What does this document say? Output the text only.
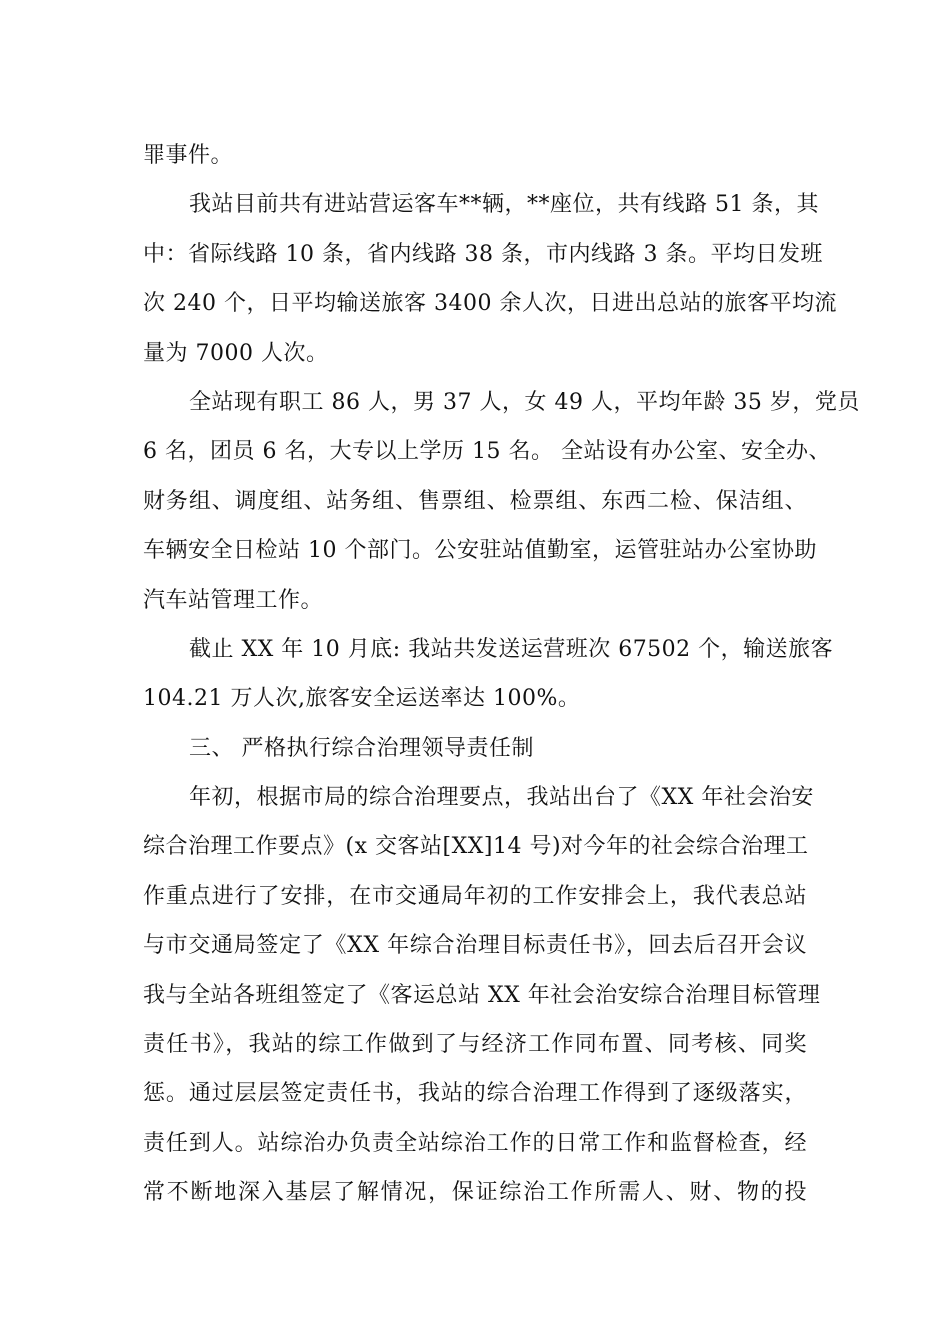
罪事件。
我站目前共有进站营运客车**辆，**座位，共有线路 51 条，其
中：省际线路 10 条，省内线路 38 条，市内线路 3 条。平均日发班
次 240 个，日平均输送旅客 3400 余人次，日进出总站的旅客平均流
量为 7000 人次。
全站现有职工 86 人，男 37 人，女 49 人，平均年龄 35 岁，党员
6 名，团员 6 名，大专以上学历 15 名。 全站设有办公室、安全办、
财务组、调度组、站务组、售票组、检票组、东西二检、保洁组、
车辆安全日检站 10 个部门。公安驻站值勤室，运管驻站办公室协助
汽车站管理工作。
截止 XX 年 10 月底: 我站共发送运营班次 67502 个，输送旅客
104.21 万人次,旅客安全运送率达 100%。
三、 严格执行综合治理领导责任制
年初，根据市局的综合治理要点，我站出台了《XX 年社会治安
综合治理工作要点》(x 交客站[XX]14 号)对今年的社会综合治理工
作重点进行了安排，在市交通局年初的工作安排会上，我代表总站
与市交通局签定了《XX 年综合治理目标责任书》，回去后召开会议
我与全站各班组签定了《客运总站 XX 年社会治安综合治理目标管理
责任书》，我站的综工作做到了与经济工作同布置、同考核、同奖
惩。通过层层签定责任书，我站的综合治理工作得到了逐级落实，
责任到人。站综治办负责全站综治工作的日常工作和监督检查，经
常不断地深入基层了解情况，保证综治工作所需人、财、物的投
